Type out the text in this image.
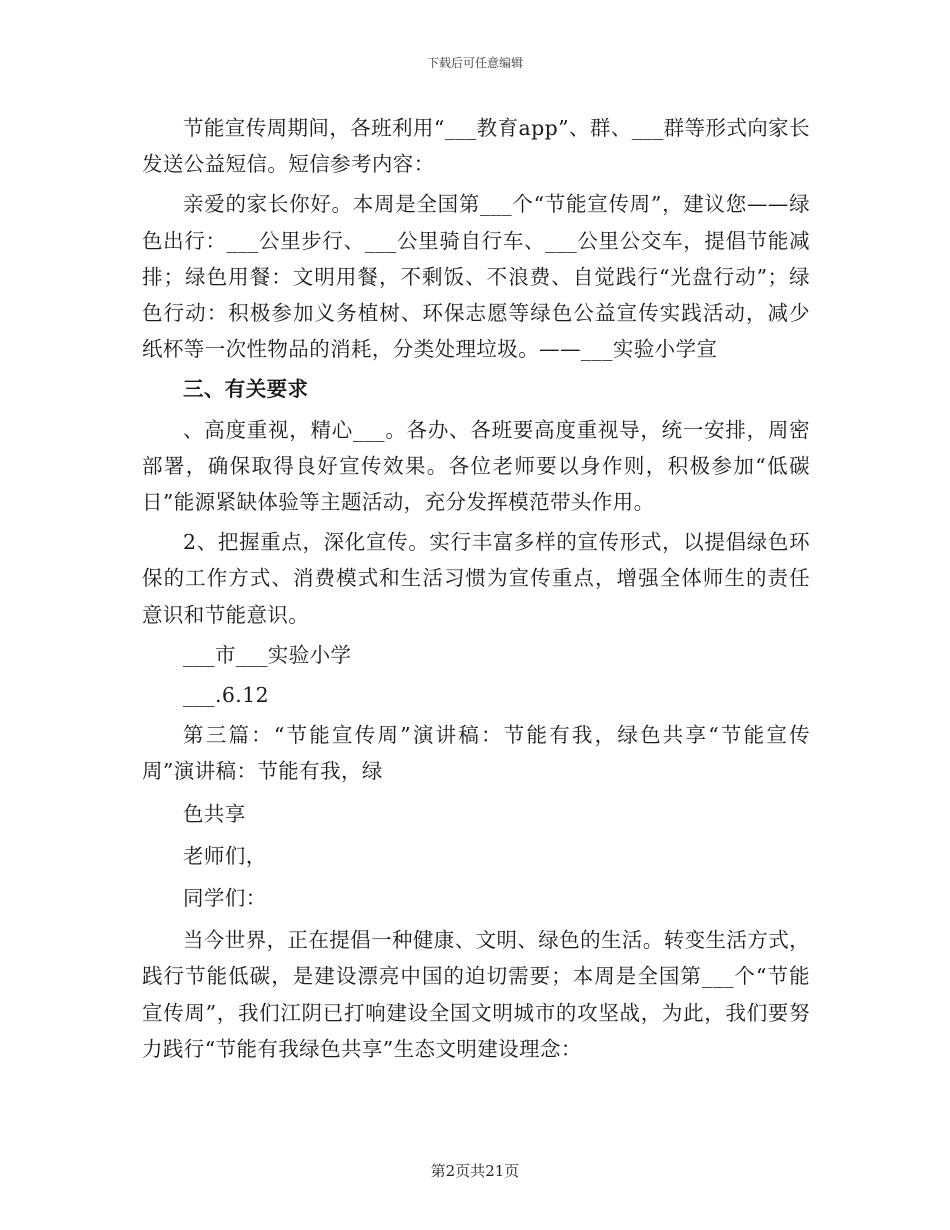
下载后可任意编辑

节能宣传周期间，各班利用“___教育app”、群、___群等形式向家长发送公益短信。短信参考内容：

亲爱的家长你好。本周是全国第___个“节能宣传周”，建议您——绿色出行：___公里步行、___公里骑自行车、___公里公交车，提倡节能减排；绿色用餐：文明用餐，不剩饭、不浪费、自觉践行“光盘行动”；绿色行动：积极参加义务植树、环保志愿等绿色公益宣传实践活动，减少纸杯等一次性物品的消耗，分类处理垃圾。——___实验小学宣

三、有关要求

、高度重视，精心___。各办、各班要高度重视导，统一安排，周密部署，确保取得良好宣传效果。各位老师要以身作则，积极参加“低碳日”能源紧缺体验等主题活动，充分发挥模范带头作用。

2、把握重点，深化宣传。实行丰富多样的宣传形式，以提倡绿色环保的工作方式、消费模式和生活习惯为宣传重点，增强全体师生的责任意识和节能意识。

___市___实验小学

___.6.12

第三篇：“节能宣传周”演讲稿：节能有我，绿色共享“节能宣传周”演讲稿：节能有我，绿

色共享

老师们，

同学们：

当今世界，正在提倡一种健康、文明、绿色的生活。转变生活方式，践行节能低碳，是建设漂亮中国的迫切需要；本周是全国第___个“节能宣传周”，我们江阴已打响建设全国文明城市的攻坚战，为此，我们要努力践行“节能有我绿色共享”生态文明建设理念：

第2页共21页
